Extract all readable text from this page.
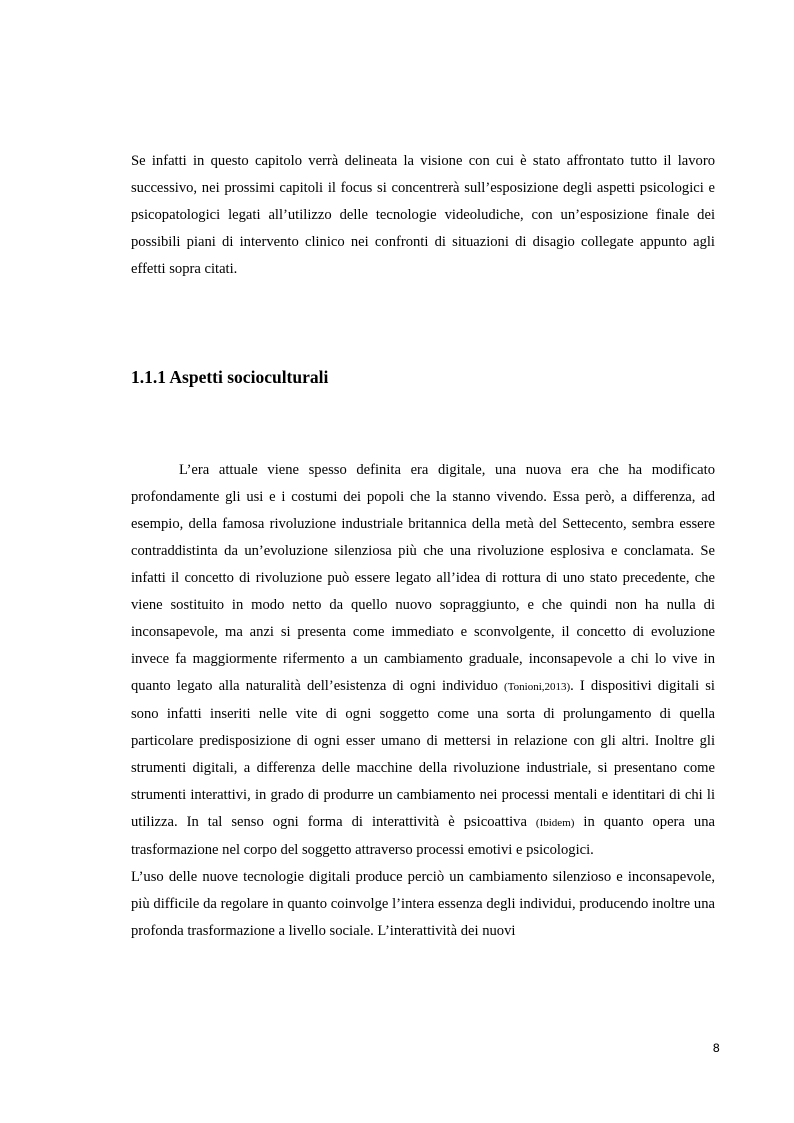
Se infatti in questo capitolo verrà delineata la visione con cui è stato affrontato tutto il lavoro successivo, nei prossimi capitoli il focus si concentrerà sull’esposizione degli aspetti psicologici e psicopatologici legati all’utilizzo delle tecnologie videoludiche, con un’esposizione finale dei possibili piani di intervento clinico nei confronti di situazioni di disagio collegate appunto agli effetti sopra citati.

1.1.1 Aspetti socioculturali

L’era attuale viene spesso definita era digitale, una nuova era che ha modificato profondamente gli usi e i costumi dei popoli che la stanno vivendo. Essa però, a differenza, ad esempio, della famosa rivoluzione industriale britannica della metà del Settecento, sembra essere contraddistinta da un’evoluzione silenziosa più che una rivoluzione esplosiva e conclamata. Se infatti il concetto di rivoluzione può essere legato all’idea di rottura di uno stato precedente, che viene sostituito in modo netto da quello nuovo sopraggiunto, e che quindi non ha nulla di inconsapevole, ma anzi si presenta come immediato e sconvolgente, il concetto di evoluzione invece fa maggiormente rifermento a un cambiamento graduale, inconsapevole a chi lo vive in quanto legato alla naturalità dell’esistenza di ogni individuo (Tonioni,2013). I dispositivi digitali si sono infatti inseriti nelle vite di ogni soggetto come una sorta di prolungamento di quella particolare predisposizione di ogni esser umano di mettersi in relazione con gli altri. Inoltre gli strumenti digitali, a differenza delle macchine della rivoluzione industriale, si presentano come strumenti interattivi, in grado di produrre un cambiamento nei processi mentali e identitari di chi li utilizza. In tal senso ogni forma di interattività è psicoattiva (Ibidem) in quanto opera una trasformazione nel corpo del soggetto attraverso processi emotivi e psicologici.

L’uso delle nuove tecnologie digitali produce perciò un cambiamento silenzioso e inconsapevole, più difficile da regolare in quanto coinvolge l’intera essenza degli individui, producendo inoltre una profonda trasformazione a livello sociale. L’interattività dei nuovi

8
